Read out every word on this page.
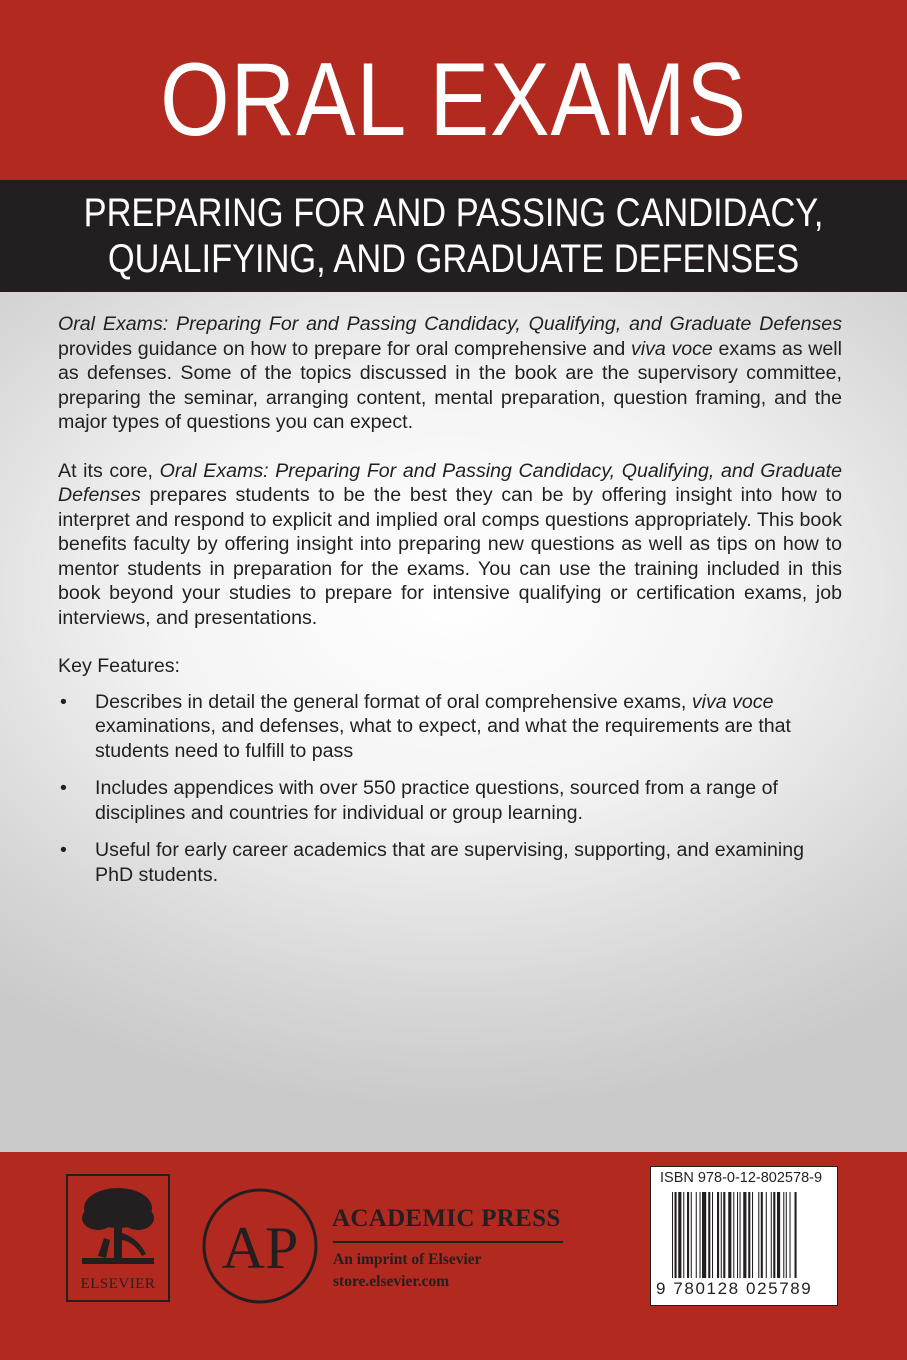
ORAL EXAMS
PREPARING FOR AND PASSING CANDIDACY,
QUALIFYING, AND GRADUATE DEFENSES

Oral Exams: Preparing For and Passing Candidacy, Qualifying, and Graduate Defenses provides guidance on how to prepare for oral comprehensive and viva voce exams as well as defenses. Some of the topics discussed in the book are the supervisory committee, preparing the seminar, arranging content, mental preparation, question framing, and the major types of questions you can expect.

At its core, Oral Exams: Preparing For and Passing Candidacy, Qualifying, and Graduate Defenses prepares students to be the best they can be by offering insight into how to interpret and respond to explicit and implied oral comps questions appropriately. This book benefits faculty by offering insight into preparing new questions as well as tips on how to mentor students in preparation for the exams. You can use the training included in this book beyond your studies to prepare for intensive qualifying or certification exams, job interviews, and presentations.

Key Features:
• Describes in detail the general format of oral comprehensive exams, viva voce examinations, and defenses, what to expect, and what the requirements are that students need to fulfill to pass
• Includes appendices with over 550 practice questions, sourced from a range of disciplines and countries for individual or group learning.
• Useful for early career academics that are supervising, supporting, and examining PhD students.
ELSEVIER
AP ACADEMIC PRESS
An imprint of Elsevier
store.elsevier.com
ISBN 978-0-12-802578-9
9 780128 025789
